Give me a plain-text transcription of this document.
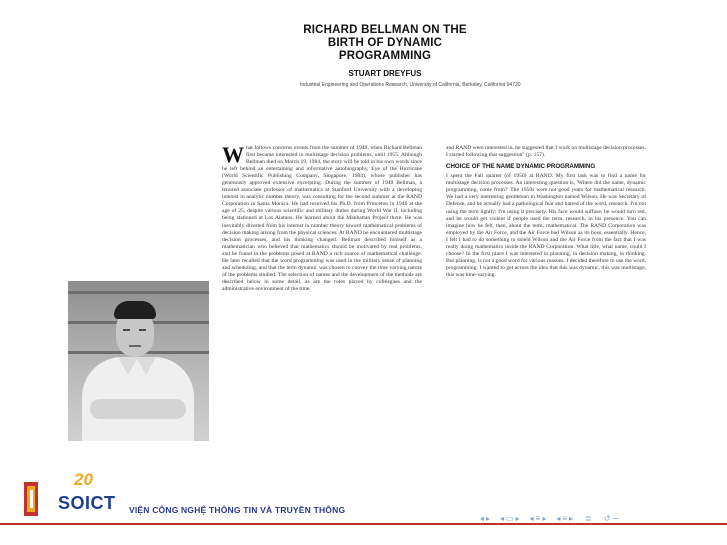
RICHARD BELLMAN ON THE BIRTH OF DYNAMIC PROGRAMMING
STUART DREYFUS
Industrial Engineering and Operations Research, University of California, Berkeley, California 94720
What follows concerns events from the summer of 1949, when Richard Bellman first became interested in multistage decision problems, until 1955. Although Bellman died on March 19, 1984, the story will be told in his own words since he left behind an entertaining and informative autobiography, Eye of the Hurricane (World Scientific Publishing Company, Singapore, 1984), whose publisher has generously approved extensive excerpting. During the summer of 1949 Bellman, a tenured associate professor of mathematics at Stanford University with a developing interest in analytic number theory, was consulting for the second summer at the RAND Corporation in Santa Monica. He had received his Ph.D. from Princeton in 1946 at the age of 25, despite various scientific and military duties during World War II, including being stationed at Los Alamos. He learned about the Manhattan Project there. He was inevitably diverted from his interest in number theory toward mathematical problems of decision making arising from the physical sciences. At RAND he encountered multistage decision processes, and his thinking changed. Bellman described himself as a mathematician who believed that mathematics should be motivated by real problems, and he found in the problems posed at RAND a rich source of mathematical challenge. He later recalled that the word programming was used in the military sense of planning and scheduling, and that the term dynamic was chosen to convey the time varying nature of the problems studied. The selection of names and the development of the methods are described below in some detail, as are the roles played by colleagues and the administrative environment of the time.
and RAND were interested in, he suggested that I work on multistage decision processes. I started following that suggestion" (p. 157).
CHOICE OF THE NAME DYNAMIC PROGRAMMING
I spent the Fall quarter (of 1950) at RAND. My first task was to find a name for multistage decision processes. An interesting question is, 'Where did the name, dynamic programming, come from?' The 1950s were not good years for mathematical research. We had a very interesting gentleman in Washington named Wilson. He was Secretary of Defense, and he actually had a pathological fear and hatred of the word, research. I'm not using the term lightly; I'm using it precisely. His face would suffuse, he would turn red, and he would get violent if people used the term, research, in his presence. You can imagine how he felt, then, about the term, mathematical. The RAND Corporation was employed by the Air Force, and the Air Force had Wilson as its boss, essentially. Hence, I felt I had to do something to shield Wilson and the Air Force from the fact that I was really doing mathematics inside the RAND Corporation. What title, what name, could I choose? In the first place I was interested in planning, in decision making, in thinking. But planning, is not a good word for various reasons. I decided therefore to use the word, programming. I wanted to get across the idea that this was dynamic, this was multistage, this was time-varying.
20
SOICT VIỆN CÔNG NGHỆ THÔNG TIN VÀ TRUYỀN THÔNG
◂ ▸ ◂ ▭ ▸ ◂ ≡ ▸ ◂ ≡ ▸ ≣ ↺ ∽
